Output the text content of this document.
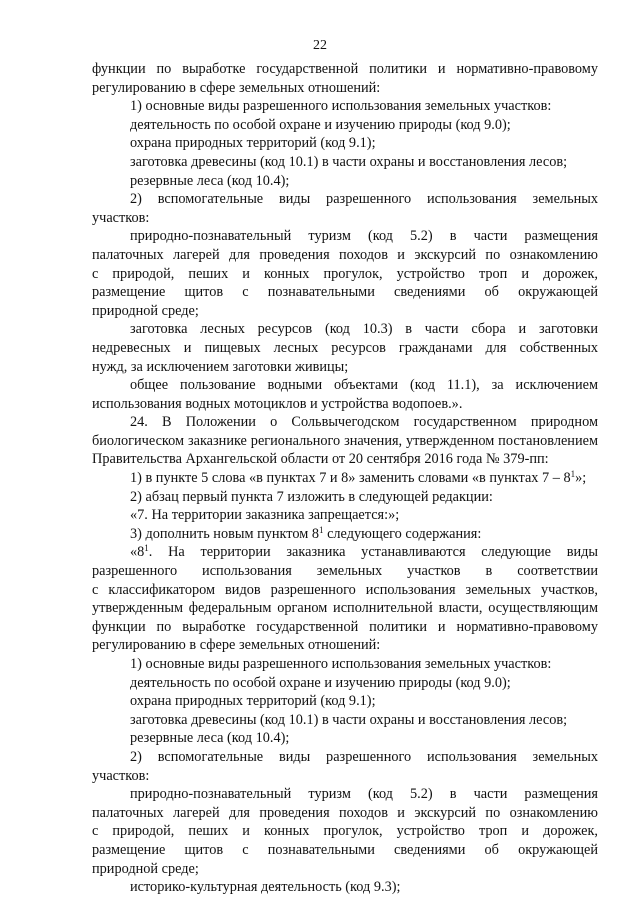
22
функции по выработке государственной политики и нормативно-правовому
регулированию в сфере земельных отношений:
1) основные виды разрешенного использования земельных участков:
деятельность по особой охране и изучению природы (код 9.0);
охрана природных территорий (код 9.1);
заготовка древесины (код 10.1) в части охраны и восстановления лесов;
резервные леса (код 10.4);
2) вспомогательные виды разрешенного использования земельных
участков:
природно-познавательный туризм (код 5.2) в части размещения
палаточных лагерей для проведения походов и экскурсий по ознакомлению
с природой, пеших и конных прогулок, устройство троп и дорожек,
размещение щитов с познавательными сведениями об окружающей
природной среде;
заготовка лесных ресурсов (код 10.3) в части сбора и заготовки
недревесных и пищевых лесных ресурсов гражданами для собственных
нужд, за исключением заготовки живицы;
общее пользование водными объектами (код 11.1), за исключением
использования водных мотоциклов и устройства водопоев.».
24. В Положении о Сольвычегодском государственном природном
биологическом заказнике регионального значения, утвержденном постановлением
Правительства Архангельской области от 20 сентября 2016 года № 379-пп:
1) в пункте 5 слова «в пунктах 7 и 8» заменить словами «в пунктах $7 - 8^1$»;
2) абзац первый пункта 7 изложить в следующей редакции:
«7. На территории заказника запрещается:»;
3) дополнить новым пунктом $8^1$ следующего содержания:
«$8^1$. На территории заказника устанавливаются следующие виды
разрешенного использования земельных участков в соответствии
с классификатором видов разрешенного использования земельных участков,
утвержденным федеральным органом исполнительной власти, осуществляющим
функции по выработке государственной политики и нормативно-правовому
регулированию в сфере земельных отношений:
1) основные виды разрешенного использования земельных участков:
деятельность по особой охране и изучению природы (код 9.0);
охрана природных территорий (код 9.1);
заготовка древесины (код 10.1) в части охраны и восстановления лесов;
резервные леса (код 10.4);
2) вспомогательные виды разрешенного использования земельных
участков:
природно-познавательный туризм (код 5.2) в части размещения
палаточных лагерей для проведения походов и экскурсий по ознакомлению
с природой, пеших и конных прогулок, устройство троп и дорожек,
размещение щитов с познавательными сведениями об окружающей
природной среде;
историко-культурная деятельность (код 9.3);
